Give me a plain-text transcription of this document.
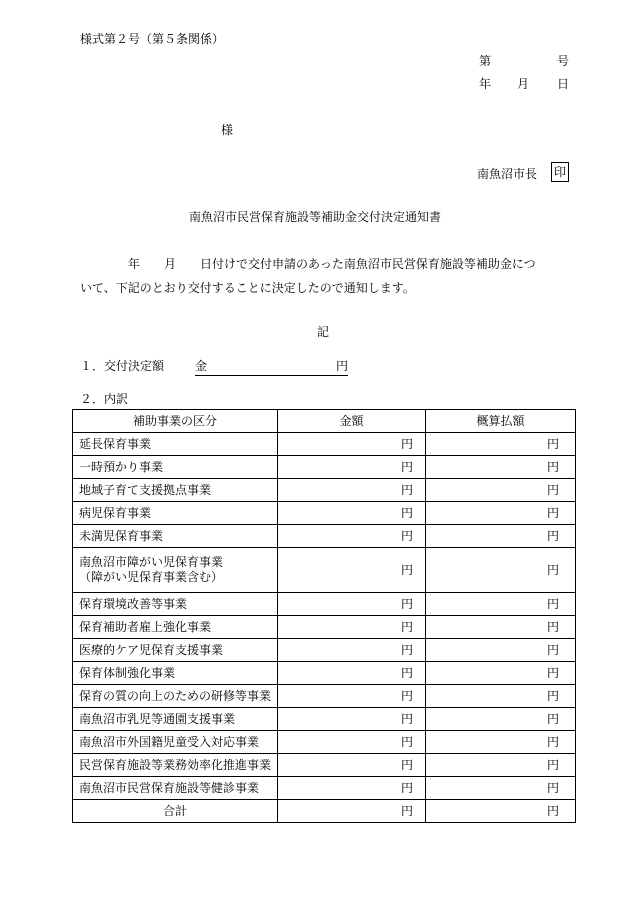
様式第２号（第５条関係）
第	号
年 月 日
様
南魚沼市長 印
南魚沼市民営保育施設等補助金交付決定通知書
　　　　年　　月　　日付けで交付申請のあった南魚沼市民営保育施設等補助金につ
いて、下記のとおり交付することに決定したので通知します。
記
１．交付決定額	金	円
２．内訳
補助事業の区分	金額	概算払額
延長保育事業	円	円
一時預かり事業	円	円
地域子育て支援拠点事業	円	円
病児保育事業	円	円
未満児保育事業	円	円
南魚沼市障がい児保育事業
（障がい児保育事業含む）	円	円
保育環境改善等事業	円	円
保育補助者雇上強化事業	円	円
医療的ケア児保育支援事業	円	円
保育体制強化事業	円	円
保育の質の向上のための研修等事業	円	円
南魚沼市乳児等通園支援事業	円	円
南魚沼市外国籍児童受入対応事業	円	円
民営保育施設等業務効率化推進事業	円	円
南魚沼市民営保育施設等健診事業	円	円
合計	円	円
